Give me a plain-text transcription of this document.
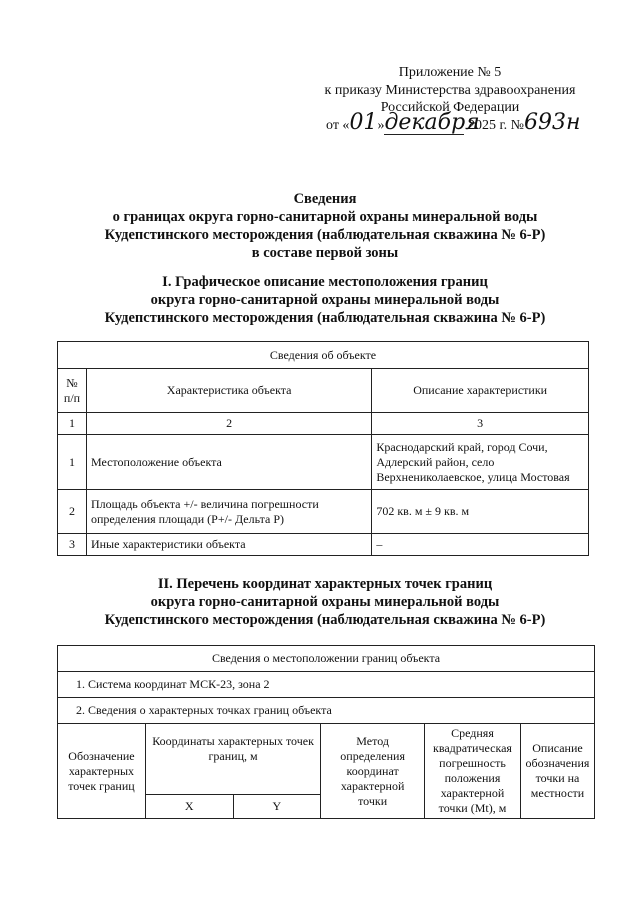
Приложение № 5
к приказу Министерства здравоохранения
Российской Федерации
от «01»декабря 2025 г. №693н
Сведения
о границах округа горно-санитарной охраны минеральной воды
Кудепстинского месторождения (наблюдательная скважина № 6-Р)
в составе первой зоны
I. Графическое описание местоположения границ
округа горно-санитарной охраны минеральной воды
Кудепстинского месторождения (наблюдательная скважина № 6-Р)
Сведения об объекте		
№ п/п	Характеристика объекта	Описание характеристики
1	2	3
1	Местоположение объекта	Краснодарский край, город Сочи, Адлерский район, село Верхнениколаевское, улица Мостовая
2	Площадь объекта +/- величина погрешности определения площади (Р+/- Дельта Р)	702 кв. м ± 9 кв. м
3	Иные характеристики объекта	–
II. Перечень координат характерных точек границ
округа горно-санитарной охраны минеральной воды
Кудепстинского месторождения (наблюдательная скважина № 6-Р)
Сведения о местоположении границ объекта					
1. Система координат МСК-23, зона 2					
2. Сведения о характерных точках границ объекта					
Обозначение характерных точек границ	Координаты характерных точек границ, м		Метод определения координат характерной точки	Средняя квадратическая погрешность положения характерной точки (Mt), м	Описание обозначения точки на местности
	X	Y			
